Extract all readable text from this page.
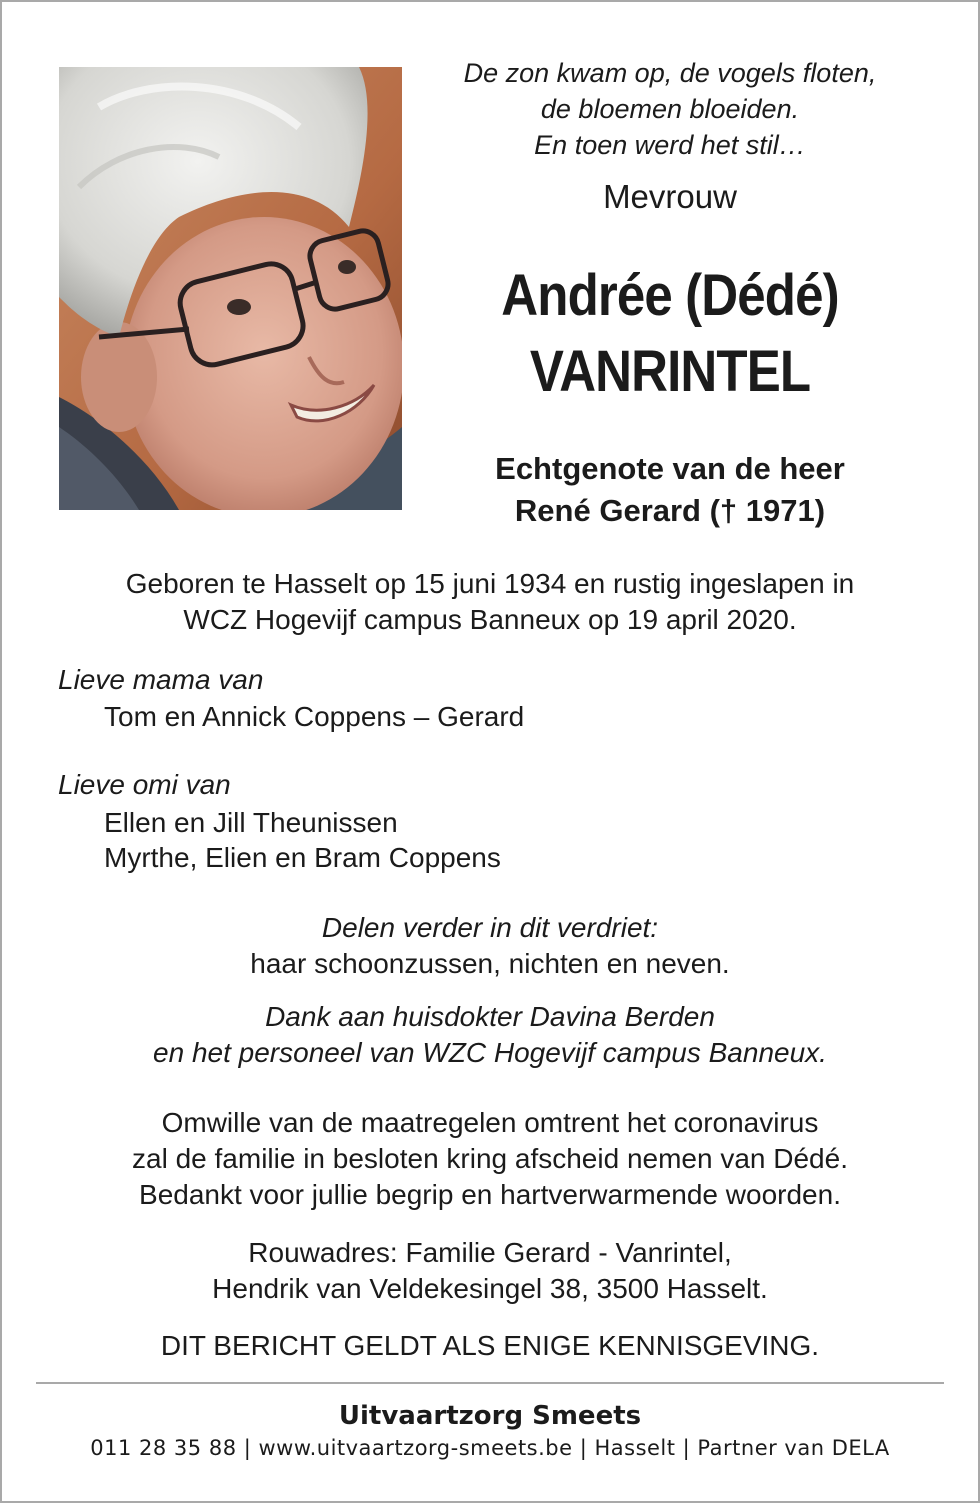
De zon kwam op, de vogels floten,
de bloemen bloeiden.
En toen werd het stil…
Mevrouw
Andrée (Dédé)
VANRINTEL
Echtgenote van de heer
René Gerard († 1971)
Geboren te Hasselt op 15 juni 1934 en rustig ingeslapen in
WCZ Hogevijf campus Banneux op 19 april 2020.
Lieve mama van
Tom en Annick Coppens – Gerard
Lieve omi van
Ellen en Jill Theunissen
Myrthe, Elien en Bram Coppens
Delen verder in dit verdriet:
haar schoonzussen, nichten en neven.
Dank aan huisdokter Davina Berden
en het personeel van WZC Hogevijf campus Banneux.
Omwille van de maatregelen omtrent het coronavirus
zal de familie in besloten kring afscheid nemen van Dédé.
Bedankt voor jullie begrip en hartverwarmende woorden.
Rouwadres: Familie Gerard - Vanrintel,
Hendrik van Veldekesingel 38, 3500 Hasselt.
DIT BERICHT GELDT ALS ENIGE KENNISGEVING.
Uitvaartzorg Smeets
011 28 35 88 | www.uitvaartzorg-smeets.be | Hasselt | Partner van DELA
